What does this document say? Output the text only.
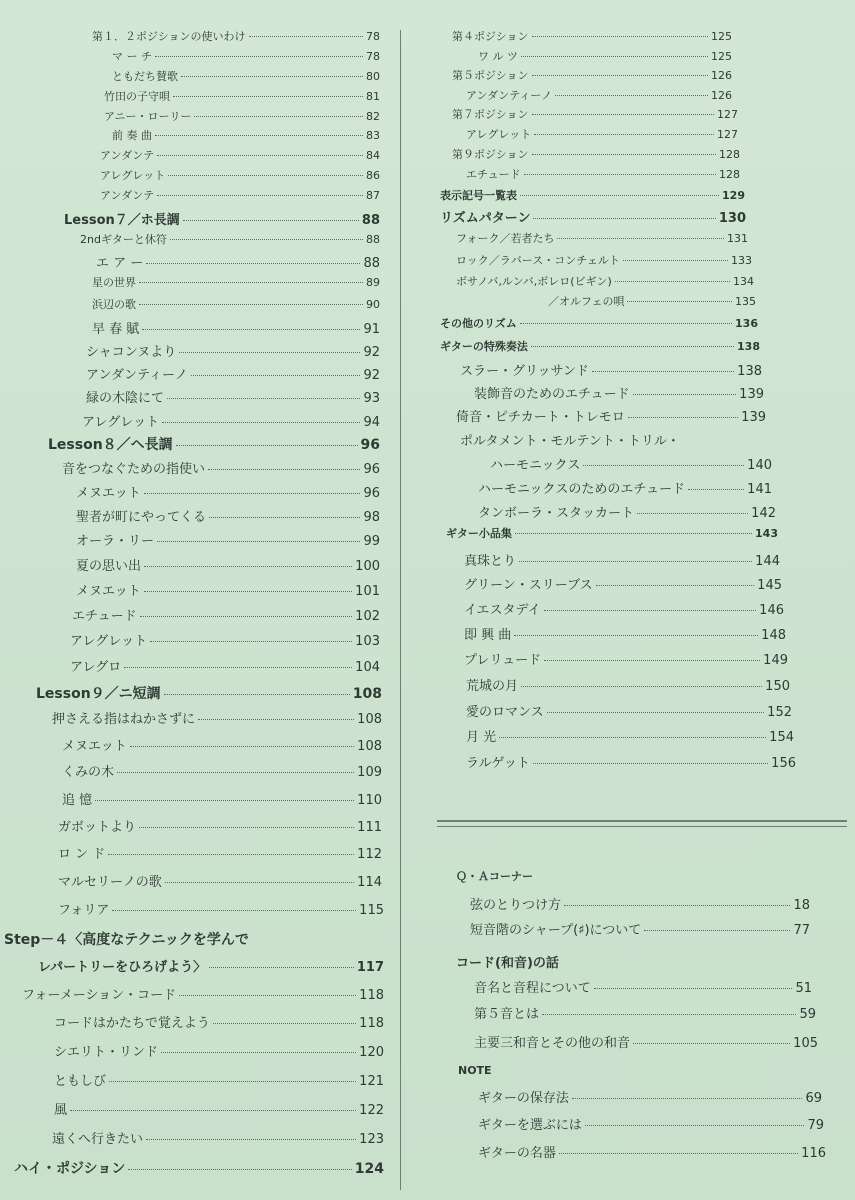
第１．２ポジションの使いわけ	78
マ ー チ	78
ともだち賛歌	80
竹田の子守唄	81
アニー・ローリー	82
前 奏 曲	83
アンダンテ	84
アレグレット	86
アンダンテ	87
Lesson７／ホ長調	88
2ndギターと休符	88
エ ア ー	88
星の世界	89
浜辺の歌	90
早 春 賦	91
シャコンヌより	92
アンダンティーノ	92
緑の木陰にて	93
アレグレット	94
Lesson８／ヘ長調	96
音をつなぐための指使い	96
メヌエット	96
聖者が町にやってくる	98
オーラ・リー	99
夏の思い出	100
メヌエット	101
エチュード	102
アレグレット	103
アレグロ	104
Lesson９／ニ短調	108
押さえる指はねかさずに	108
メヌエット	108
くみの木	109
追 憶	110
ガボットより	111
ロ ン ド	112
マルセリーノの歌	114
フォリア	115
Step－４〈高度なテクニックを学んで
レパートリーをひろげよう〉	117
フォーメーション・コード	118
コードはかたちで覚えよう	118
シエリト・リンド	120
ともしび	121
風	122
遠くへ行きたい	123
ハイ・ポジション	124
第４ポジション	125
ワ ル ツ	125
第５ポジション	126
アンダンティーノ	126
第７ポジション	127
アレグレット	127
第９ポジション	128
エチュード	128
表示記号一覧表	129
リズムパターン	130
フォーク／若者たち	131
ロック／ラバース・コンチェルト	133
ボサノバ,ルンバ,ボレロ(ビギン)	134
／オルフェの唄	135
その他のリズム	136
ギターの特殊奏法	138
スラー・グリッサンド	138
装飾音のためのエチュード	139
倚音・ピチカート・トレモロ	139
ポルタメント・モルテント・トリル・
ハーモニックス	140
ハーモニックスのためのエチュード	141
タンボーラ・スタッカート	142
ギター小品集	143
真珠とり	144
グリーン・スリーブス	145
イエスタデイ	146
即 興 曲	148
プレリュード	149
荒城の月	150
愛のロマンス	152
月 光	154
ラルゲット	156
Ｑ・Ａコーナー
弦のとりつけ方	18
短音階のシャープ(♯)について	77
コード(和音)の話
音名と音程について	51
第５音とは	59
主要三和音とその他の和音	105
NOTE
ギターの保存法	69
ギターを選ぶには	79
ギターの名器	116
